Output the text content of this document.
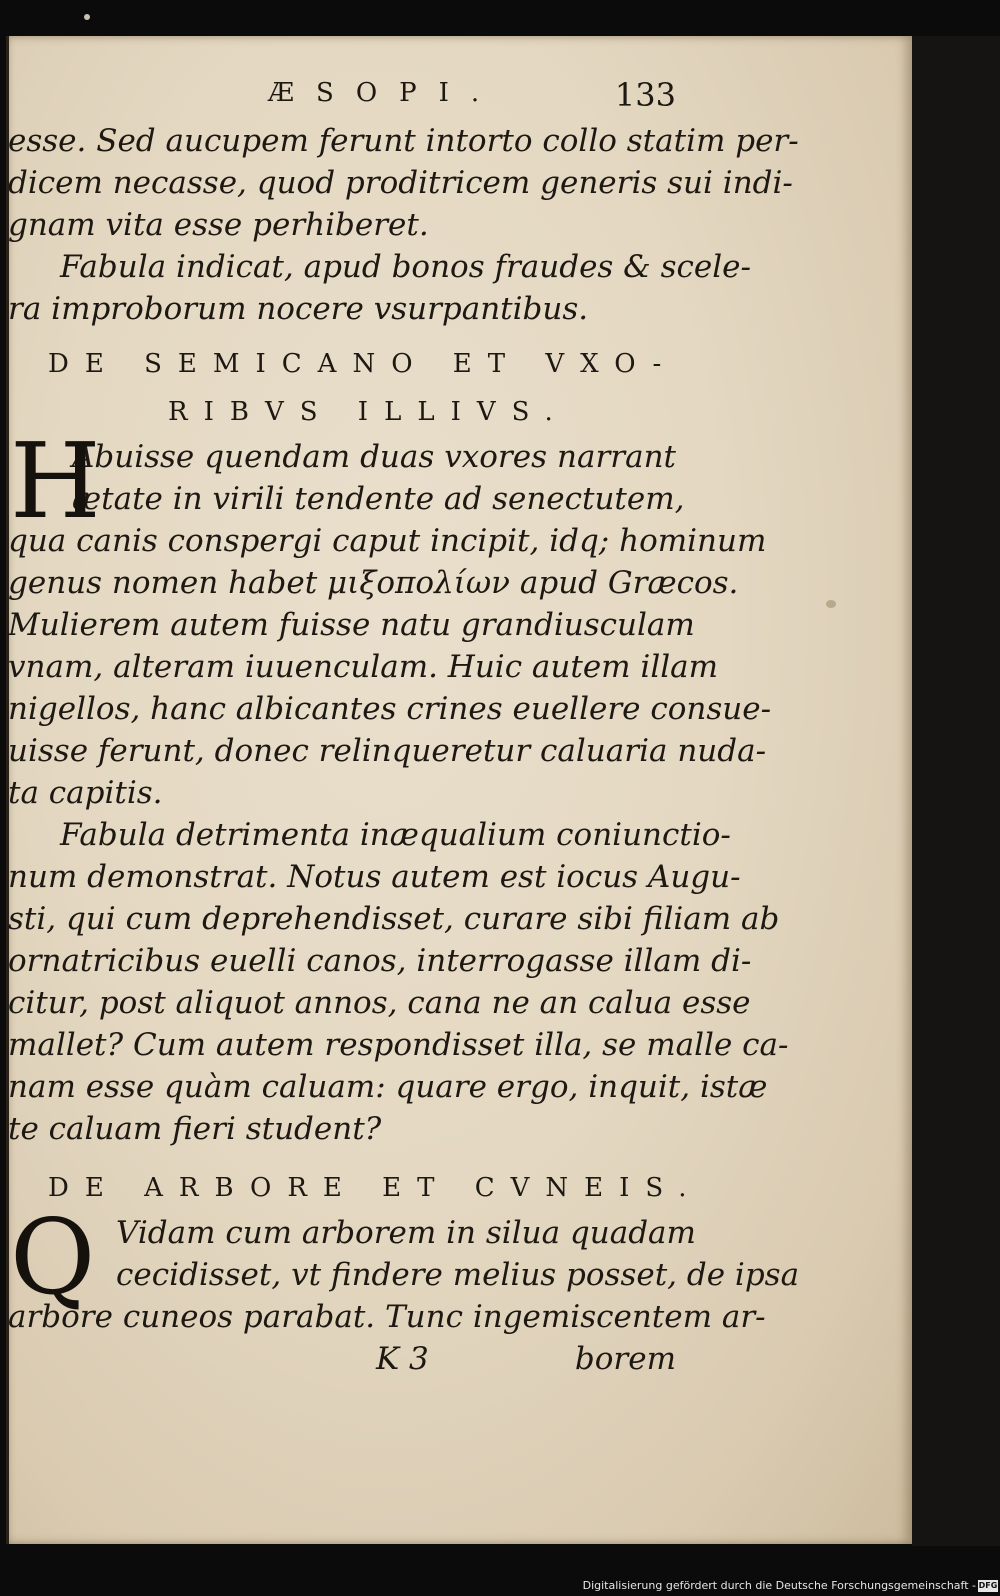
ÆSOPI.	133
esse. Sed aucupem ferunt intorto collo statim per-
dicem necasse, quod proditricem generis sui indi-
gnam vita esse perhiberet.
Fabula indicat, apud bonos fraudes & scele-
ra improborum nocere vsurpantibus.
DE SEMICANO ET VXO-
RIBVS ILLIVS.
H
Abuisse quendam duas vxores narrant
ætate in virili tendente ad senectutem,
qua canis conspergi caput incipit, idq; hominum
genus nomen habet μιξοπολίων apud Græcos.
Mulierem autem fuisse natu grandiusculam
vnam, alteram iuuenculam. Huic autem illam
nigellos, hanc albicantes crines euellere consue-
uisse ferunt, donec relinqueretur caluaria nuda-
ta capitis.
Fabula detrimenta inæqualium coniunctio-
num demonstrat. Notus autem est iocus Augu-
sti, qui cum deprehendisset, curare sibi filiam ab
ornatricibus euelli canos, interrogasse illam di-
citur, post aliquot annos, cana ne an calua esse
mallet? Cum autem respondisset illa, se malle ca-
nam esse quàm caluam: quare ergo, inquit, istæ
te caluam fieri student?
DE ARBORE ET CVNEIS.
Q Vidam cum arborem in silua quadam
cecidisset, vt findere melius posset, de ipsa
arbore cuneos parabat. Tunc ingemiscentem ar-
K 3	borem
Digitalisierung gefördert durch die Deutsche Forschungsgemeinschaft - DFG
